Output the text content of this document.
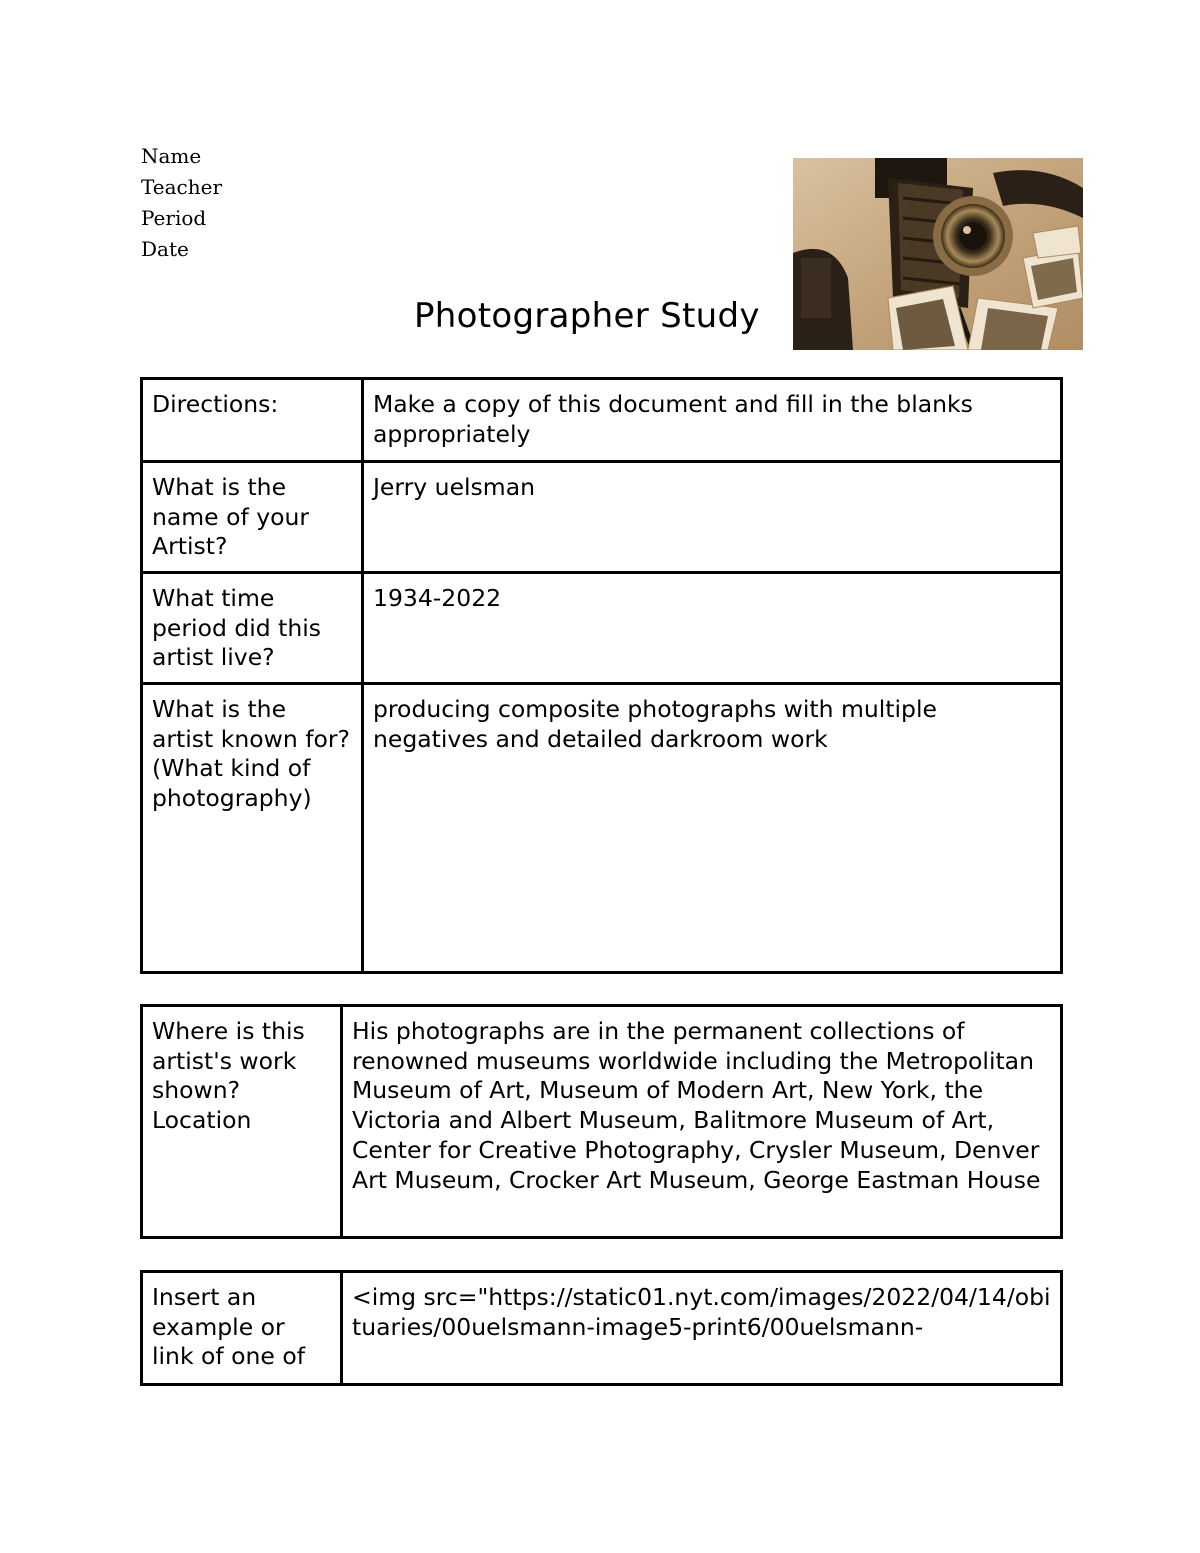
Name
Teacher
Period
Date
Photographer Study
Directions:	Make a copy of this document and fill in the blanks appropriately
What is the name of your Artist?	Jerry uelsman
What time period did this artist live?	1934-2022
What is the artist known for? (What kind of photography)	producing composite photographs with multiple negatives and detailed darkroom work
Where is this artist's work shown? Location	His photographs are in the permanent collections of renowned museums worldwide including the Metropolitan Museum of Art, Museum of Modern Art, New York, the Victoria and Albert Museum, Balitmore Museum of Art, Center for Creative Photography, Crysler Museum, Denver Art Museum, Crocker Art Museum, George Eastman House
Insert an example or link of one of	<img src="https://static01.nyt.com/images/2022/04/14/obituaries/00uelsmann-image5-print6/00uelsmann-
